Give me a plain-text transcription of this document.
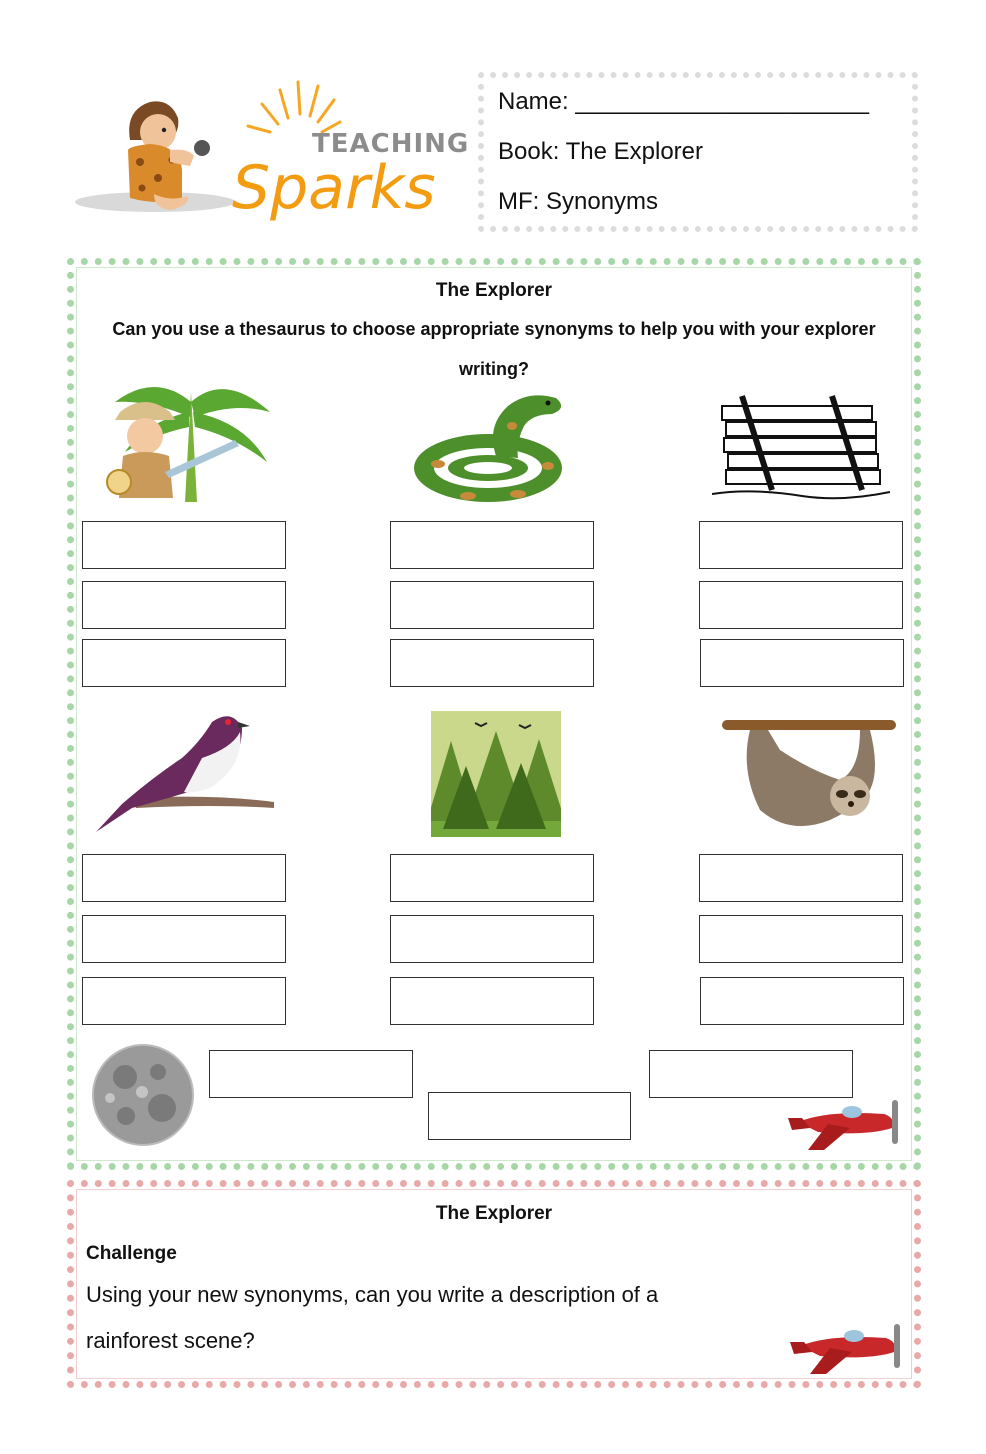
TEACHING
Sparks
Name: ______________________
Book: The Explorer
MF: Synonyms
The Explorer
Can you use a thesaurus to choose appropriate synonyms to help you with your explorer
writing?
The Explorer
Challenge
Using your new synonyms, can you write a description of a
rainforest scene?
